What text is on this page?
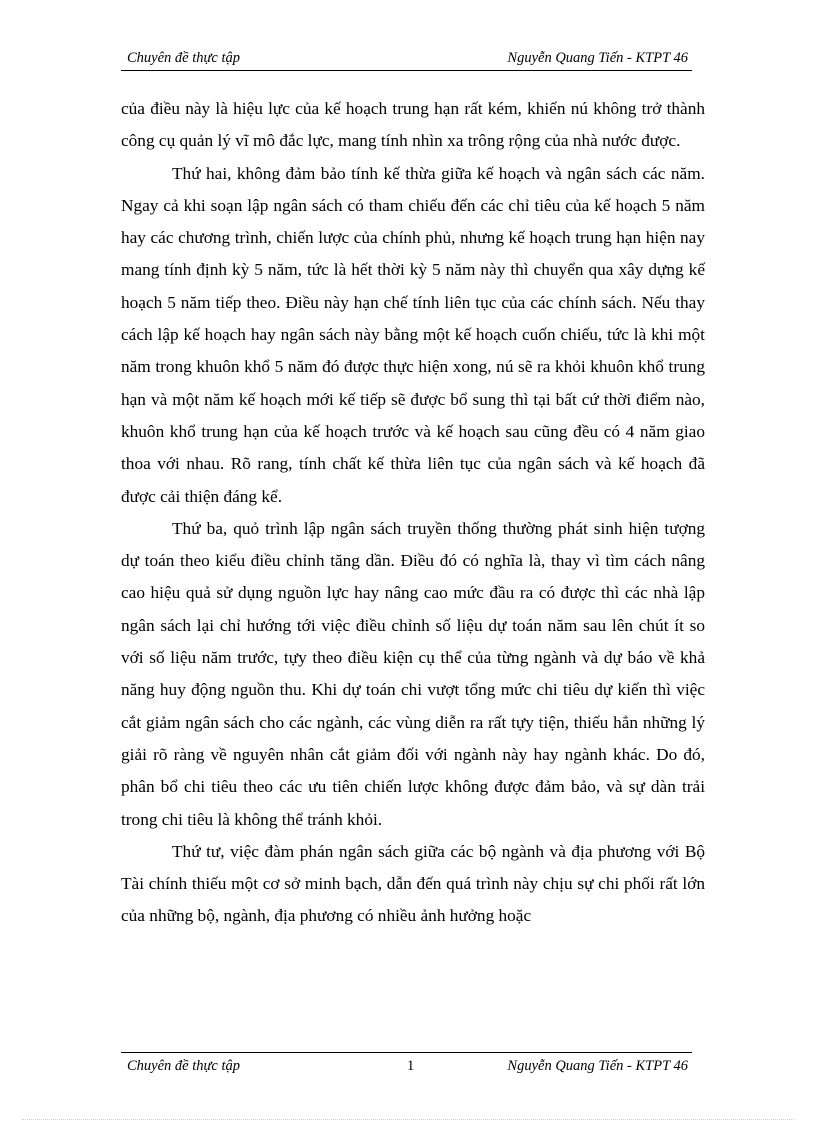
Chuyên đề thực tập	Nguyễn Quang Tiến - KTPT 46

của điều này là hiệu lực của kế hoạch trung hạn rất kém, khiến nú không trở thành công cụ quản lý vĩ mô đắc lực, mang tính nhìn xa trông rộng của nhà nước được.

Thứ hai, không đảm bảo tính kế thừa giữa kế hoạch và ngân sách các năm. Ngay cả khi soạn lập ngân sách có tham chiếu đến các chỉ tiêu của kế hoạch 5 năm hay các chương trình, chiến lược của chính phủ, nhưng kế hoạch trung hạn hiện nay mang tính định kỳ 5 năm, tức là hết thời kỳ 5 năm này thì chuyển qua xây dựng kế hoạch 5 năm tiếp theo. Điều này hạn chế tính liên tục của các chính sách. Nếu thay cách lập kế hoạch hay ngân sách này bằng một kế hoạch cuốn chiếu, tức là khi một năm trong khuôn khổ 5 năm đó được thực hiện xong, nú sẽ ra khỏi khuôn khổ trung hạn và một năm kế hoạch mới kế tiếp sẽ được bổ sung thì tại bất cứ thời điểm nào, khuôn khổ trung hạn của kế hoạch trước và kế hoạch sau cũng đều có 4 năm giao thoa với nhau. Rõ rang, tính chất kế thừa liên tục của ngân sách và kế hoạch đã được cải thiện đáng kể.

Thứ ba, quỏ trình lập ngân sách truyền thống thường phát sinh hiện tượng dự toán theo kiểu điều chỉnh tăng dần. Điều đó có nghĩa là, thay vì tìm cách nâng cao hiệu quả sử dụng nguồn lực hay nâng cao mức đầu ra có được thì các nhà lập ngân sách lại chỉ hướng tới việc điều chỉnh số liệu dự toán năm sau lên chút ít so với số liệu năm trước, tựy theo điều kiện cụ thể của từng ngành và dự báo về khả năng huy động nguồn thu. Khi dự toán chi vượt tổng mức chi tiêu dự kiến thì việc cắt giảm ngân sách cho các ngành, các vùng diễn ra rất tựy tiện, thiếu hẳn những lý giải rõ ràng về nguyên nhân cắt giảm đối với ngành này hay ngành khác. Do đó, phân bổ chi tiêu theo các ưu tiên chiến lược không được đảm bảo, và sự dàn trải trong chi tiêu là không thể tránh khỏi.

Thứ tư, việc đàm phán ngân sách giữa các bộ ngành và địa phương với Bộ Tài chính thiếu một cơ sở minh bạch, dẫn đến quá trình này chịu sự chi phối rất lớn của những bộ, ngành, địa phương có nhiều ảnh hưởng hoặc

Chuyên đề thực tập	1	Nguyễn Quang Tiến - KTPT 46
